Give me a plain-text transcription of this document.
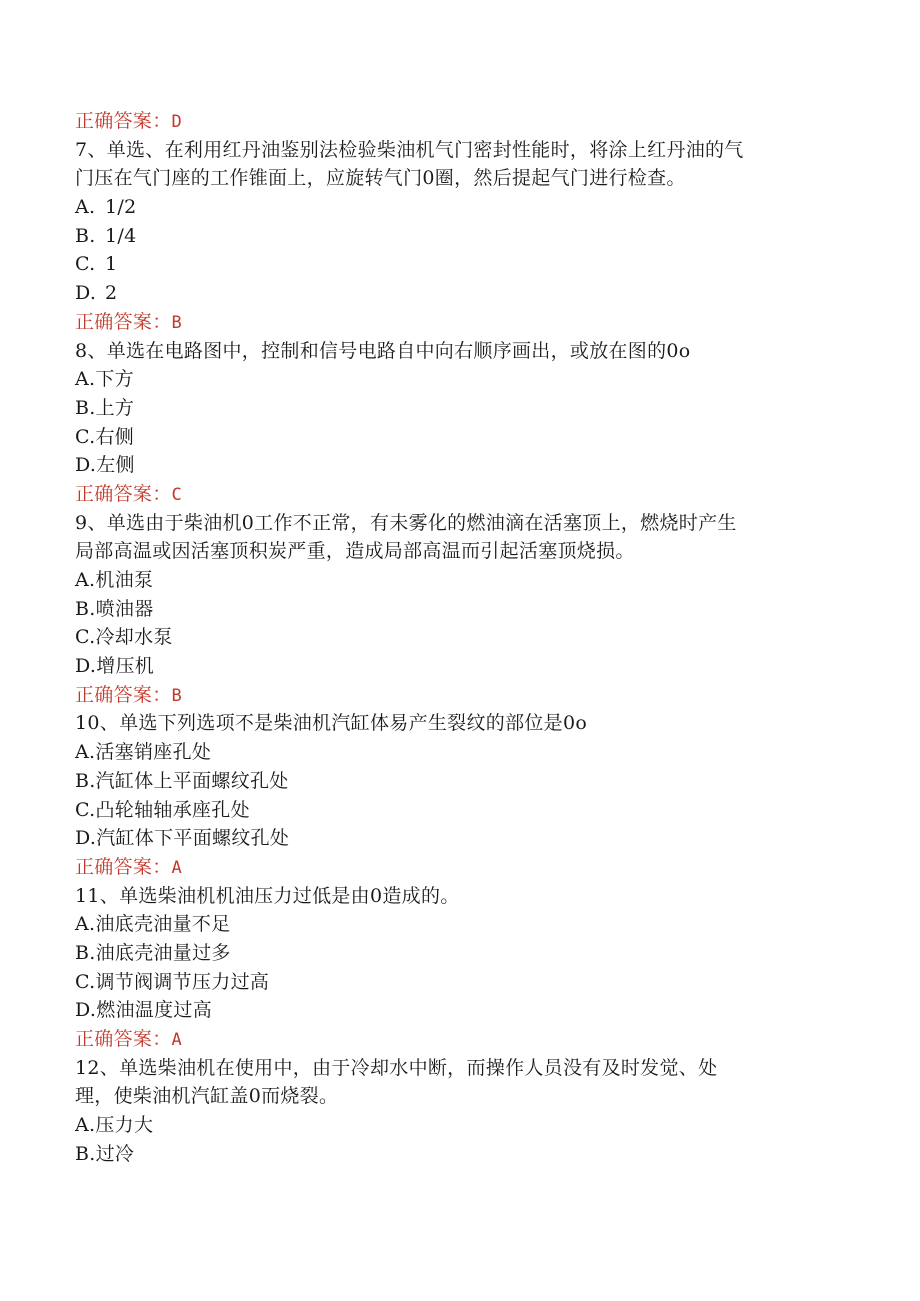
正确答案：D
7、单选、在利用红丹油鉴别法检验柴油机气门密封性能时，将涂上红丹油的气
门压在气门座的工作锥面上，应旋转气门0圈，然后提起气门进行检查。
A. 1/2
B. 1/4
C. 1
D. 2
正确答案：B
8、单选在电路图中，控制和信号电路自中向右顺序画出，或放在图的0o
A.下方
B.上方
C.右侧
D.左侧
正确答案：C
9、单选由于柴油机0工作不正常，有未雾化的燃油滴在活塞顶上，燃烧时产生
局部高温或因活塞顶积炭严重，造成局部高温而引起活塞顶烧损。
A.机油泵
B.喷油器
C.冷却水泵
D.增压机
正确答案：B
10、单选下列选项不是柴油机汽缸体易产生裂纹的部位是0o
A.活塞销座孔处
B.汽缸体上平面螺纹孔处
C.凸轮轴轴承座孔处
D.汽缸体下平面螺纹孔处
正确答案：A
11、单选柴油机机油压力过低是由0造成的。
A.油底壳油量不足
B.油底壳油量过多
C.调节阀调节压力过高
D.燃油温度过高
正确答案：A
12、单选柴油机在使用中，由于冷却水中断，而操作人员没有及时发觉、处
理，使柴油机汽缸盖0而烧裂。
A.压力大
B.过冷
